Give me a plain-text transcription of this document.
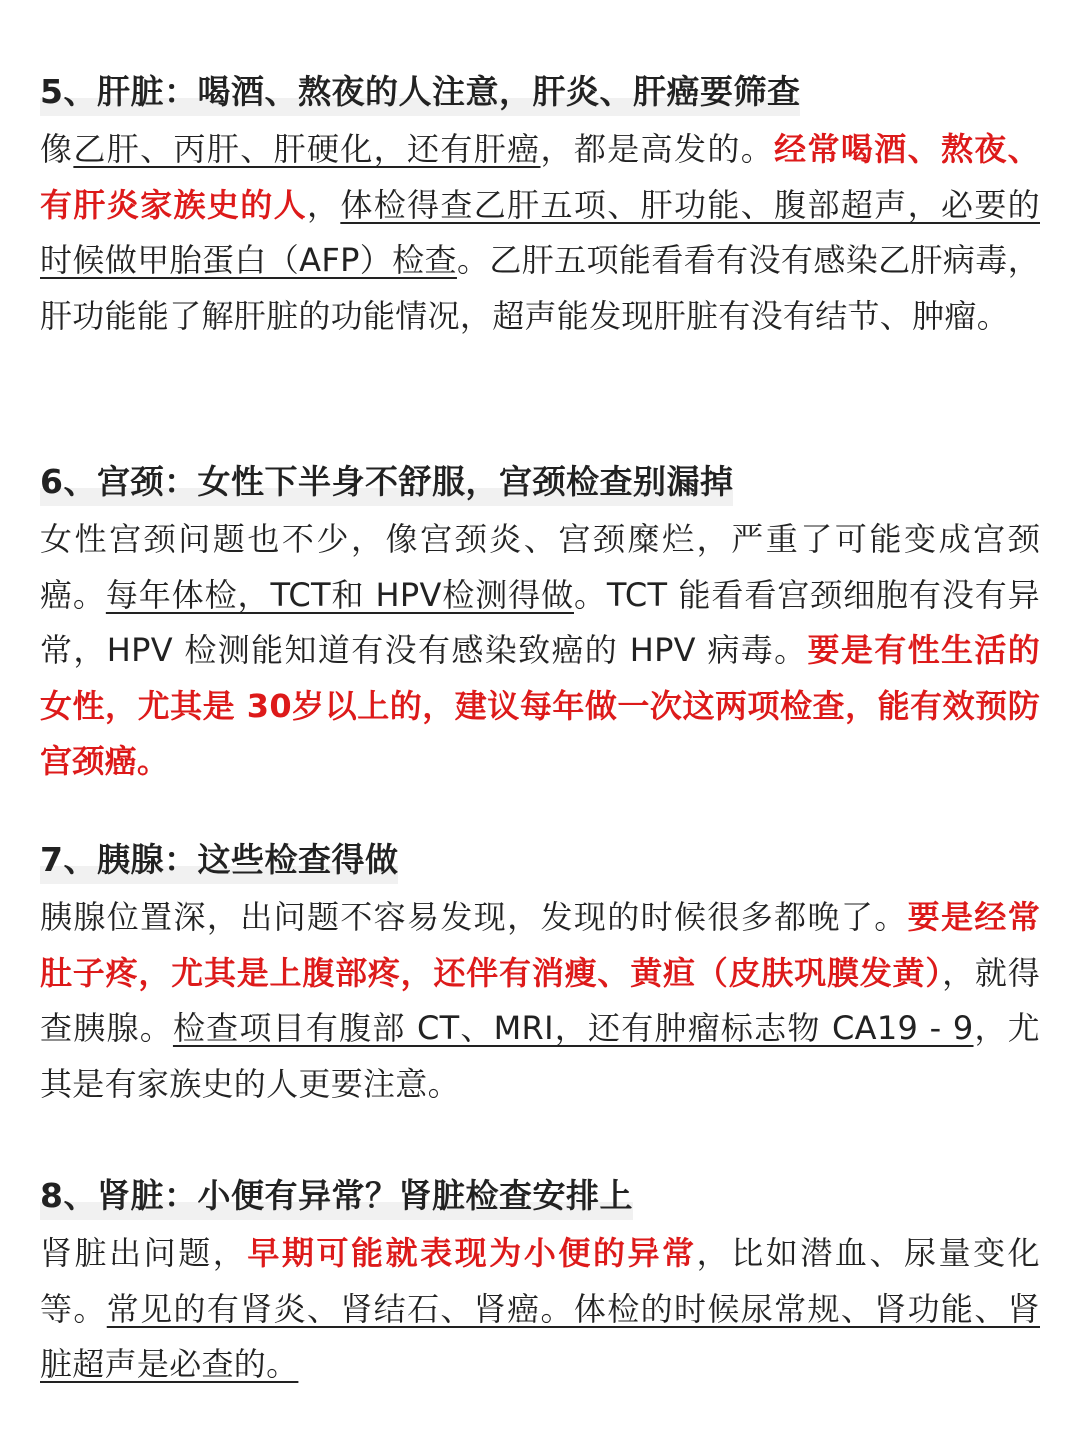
5、肝脏：喝酒、熬夜的人注意，肝炎、肝癌要筛查

像乙肝、丙肝、肝硬化，还有肝癌，都是高发的。经常喝酒、熬夜、有肝炎家族史的人，体检得查乙肝五项、肝功能、腹部超声，必要的时候做甲胎蛋白（AFP）检查。乙肝五项能看看有没有感染乙肝病毒，肝功能能了解肝脏的功能情况，超声能发现肝脏有没有结节、肿瘤。

6、宫颈：女性下半身不舒服，宫颈检查别漏掉

女性宫颈问题也不少，像宫颈炎、宫颈糜烂，严重了可能变成宫颈癌。每年体检，TCT和 HPV检测得做。TCT 能看看宫颈细胞有没有异常，HPV 检测能知道有没有感染致癌的 HPV 病毒。要是有性生活的女性，尤其是 30岁以上的，建议每年做一次这两项检查，能有效预防宫颈癌。

7、胰腺：这些检查得做

胰腺位置深，出问题不容易发现，发现的时候很多都晚了。要是经常肚子疼，尤其是上腹部疼，还伴有消瘦、黄疸（皮肤巩膜发黄），就得查胰腺。检查项目有腹部 CT、MRI，还有肿瘤标志物 CA19 - 9，尤其是有家族史的人更要注意。

8、肾脏：小便有异常？肾脏检查安排上

肾脏出问题，早期可能就表现为小便的异常，比如潜血、尿量变化等。常见的有肾炎、肾结石、肾癌。体检的时候尿常规、肾功能、肾脏超声是必查的。
